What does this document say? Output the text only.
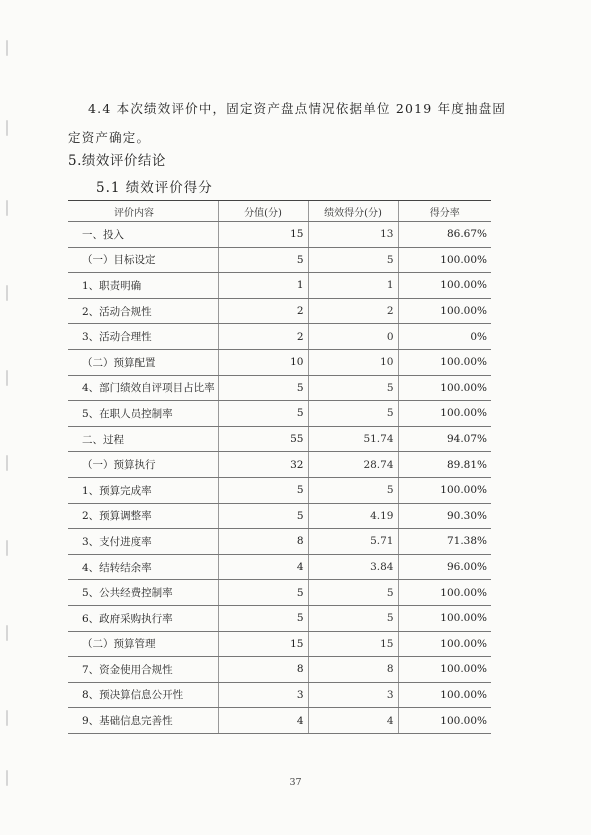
4.4 本次绩效评价中，固定资产盘点情况依据单位 2019 年度抽盘固定资产确定。

5.绩效评价结论
5.1 绩效评价得分
评价内容	分值(分)	绩效得分(分)	得分率
一、投入	15	13	86.67%
（一）目标设定	5	5	100.00%
1、职责明确	1	1	100.00%
2、活动合规性	2	2	100.00%
3、活动合理性	2	0	0%
（二）预算配置	10	10	100.00%
4、部门绩效自评项目占比率	5	5	100.00%
5、在职人员控制率	5	5	100.00%
二、过程	55	51.74	94.07%
（一）预算执行	32	28.74	89.81%
1、预算完成率	5	5	100.00%
2、预算调整率	5	4.19	90.30%
3、支付进度率	8	5.71	71.38%
4、结转结余率	4	3.84	96.00%
5、公共经费控制率	5	5	100.00%
6、政府采购执行率	5	5	100.00%
（二）预算管理	15	15	100.00%
7、资金使用合规性	8	8	100.00%
8、预决算信息公开性	3	3	100.00%
9、基础信息完善性	4	4	100.00%
37
